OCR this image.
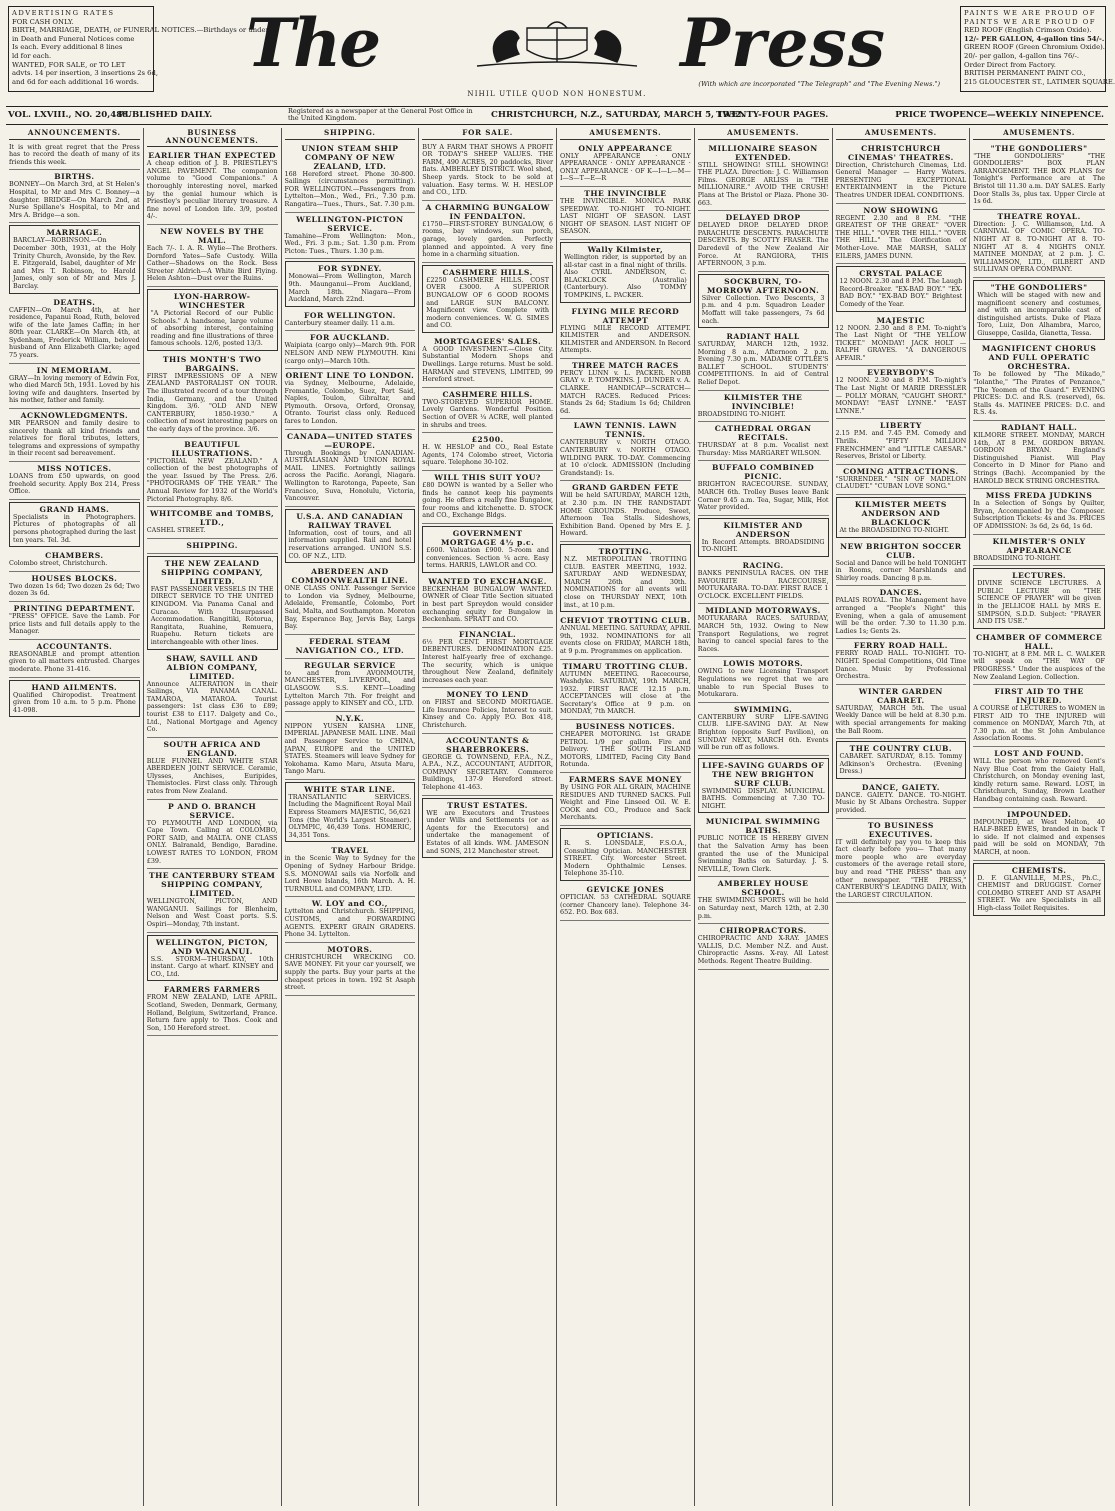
ADVERTISING RATES
FOR CASH ONLY.
BIRTH, MARRIAGE, DEATH, or FUNERAL NOTICES.—Birthdays or under
in Death and Funeral Notices come
Is each. Every additional 8 lines
ld for each.
WANTED, FOR SALE, or TO LET
advts. 14 per insertion, 3 insertions 2s 6d,
and 6d for each additional 16 words. The	Press
NIHIL UTILE QUOD NON HONESTUM.
(With which are incorporated "The Telegraph" and "The Evening News.")
PAINTS WE ARE PROUD OF
PAINTS WE ARE PROUD OF
RED ROOF (English Crimson Oxide).
12/- PER GALLON, 4-gallon tins 54/-.
GREEN ROOF (Green Chromium Oxide).
20/- per gallon, 4-gallon tins 76/-.
Order Direct from Factory.
BRITISH PERMANENT PAINT CO.,
215 GLOUCESTER ST., LATIMER SQUARE.
VOL. LXVIII., NO. 20,488.
PUBLISHED DAILY.	Registered as a newspaper at the General Post Office in the United Kingdom.	CHRISTCHURCH, N.Z., SATURDAY, MARCH 5, 1932.
TWENTY-FOUR PAGES.	PRICE TWOPENCE—WEEKLY NINEPENCE.
ANNOUNCEMENTS.

It is with great regret that the Press has to record the death of many of its friends this week.

BIRTHS.

BONNEY—On March 3rd, at St Helen's Hospital, to Mr and Mrs C. Bonney—a daughter. BRIDGE—On March 2nd, at Nurse Spillane's Hospital, to Mr and Mrs A. Bridge—a son.

MARRIAGE.

BARCLAY—ROBINSON.—On December 30th, 1931, at the Holy Trinity Church, Avonside, by the Rev. E. Fitzgerald, Isabel, daughter of Mr and Mrs T. Robinson, to Harold James, only son of Mr and Mrs J. Barclay.

DEATHS.

CAFFIN—On March 4th, at her residence, Papanui Road, Ruth, beloved wife of the late James Caffin; in her 80th year. CLARKE—On March 4th, at Sydenham, Frederick William, beloved husband of Ann Elizabeth Clarke; aged 75 years.

IN MEMORIAM.

GRAY—In loving memory of Edwin Fox, who died March 5th, 1931. Loved by his loving wife and daughters. Inserted by his mother, father and family.

ACKNOWLEDGMENTS.

MR PEARSON and family desire to sincerely thank all kind friends and relatives for floral tributes, letters, telegrams and expressions of sympathy in their recent sad bereavement.

MISS NOTICES.

LOANS from £50 upwards, on good freehold security. Apply Box 214, Press Office.

GRAND HAMS.

Specialists in Photographers. Pictures of photographs of all persons photographed during the last ten years. Tel. 3d.

CHAMBERS.

Colombo street, Christchurch.

HOUSES BLOCKS.

Two dozen 1s 6d; Two dozen 2s 6d; Two dozen 3s 6d.

PRINTING DEPARTMENT.

"PRESS" OFFICE. Save the Lamb. For price lists and full details apply to the Manager.

ACCOUNTANTS.

REASONABLE and prompt attention given to all matters entrusted. Charges moderate. Phone 31-416.

HAND AILMENTS.

Qualified Chiropodist. Treatment given from 10 a.m. to 5 p.m. Phone 41-098.

BUSINESS ANNOUNCEMENTS.
EARLIER THAN EXPECTED

A cheap edition of J. B. PRIESTLEY'S ANGEL PAVEMENT. The companion volume to "Good Companions." A thoroughly interesting novel, marked by the genial humour which is Priestley's peculiar literary treasure. A fine novel of London life. 3/9, posted 4/-.

NEW NOVELS BY THE MAIL.

Each 7/-. I. A. R. Wylie—The Brothers. Dornford Yates—Safe Custody. Willa Cather—Shadows on the Rock. Bess Streeter Aldrich—A White Bird Flying. Helen Ashton—Dust over the Ruins.

LYON-HARROW-WINCHESTER

"A Pictorial Record of our Public Schools." A handsome, large volume of absorbing interest, containing reading and fine illustrations of three famous schools. 12/6, posted 13/3.

THIS MONTH'S TWO BARGAINS.

FIRST IMPRESSIONS OF A NEW ZEALAND PASTORALIST ON TOUR. The illustrated record of a tour through India, Germany, and the United Kingdom. 3/6. "OLD AND NEW CANTERBURY, 1850-1930." A collection of most interesting papers on the early days of the province. 3/6.

BEAUTIFUL ILLUSTRATIONS.

"PICTORIAL NEW ZEALAND." A collection of the best photographs of the year. Issued by The Press. 2/6. "PHOTOGRAMS OF THE YEAR." The Annual Review for 1932 of the World's Pictorial Photography. 8/6.

WHITCOMBE and TOMBS, LTD.,

CASHEL STREET.

SHIPPING.
THE NEW ZEALAND SHIPPING COMPANY, LIMITED.

FAST PASSENGER VESSELS IN THE DIRECT SERVICE TO THE UNITED KINGDOM. Via Panama Canal and Curacao. With Unsurpassed Accommodation. Rangitiki, Rotorua, Rangitata, Ruahine, Remuera, Ruapehu. Return tickets are interchangeable with other lines.

SHAW, SAVILL AND ALBION COMPANY, LIMITED.

Announce ALTERATION in their Sailings, VIA PANAMA CANAL. TAMAROA, MATAROA. Tourist passengers: 1st class £36 to £89; tourist £38 to £117. Dalgety and Co., Ltd., National Mortgage and Agency Co.

SOUTH AFRICA AND ENGLAND.

BLUE FUNNEL AND WHITE STAR ABERDEEN JOINT SERVICE. Ceramic, Ulysses, Anchises, Euripides, Themistocles. First class only. Through rates from New Zealand.

P AND O. BRANCH SERVICE.

TO PLYMOUTH AND LONDON, via Cape Town. Calling at COLOMBO, PORT SAID, and MALTA. ONE CLASS ONLY. Balranald, Bendigo, Baradine. LOWEST RATES TO LONDON, FROM £39.

THE CANTERBURY STEAM SHIPPING COMPANY, LIMITED.

WELLINGTON, PICTON, AND WANGANUI. Sailings for Blenheim, Nelson and West Coast ports. S.S. Ospiri—Monday, 7th instant.

WELLINGTON, PICTON, AND WANGANUI.

S.S. STORM—THURSDAY, 10th instant. Cargo at wharf. KINSEY and CO., Ltd.

FARMERS FARMERS

FROM NEW ZEALAND, LATE APRIL. Scotland, Sweden, Denmark, Germany, Holland, Belgium, Switzerland, France. Return fare apply to Thos. Cook and Son, 150 Hereford street.

SHIPPING.
UNION STEAM SHIP COMPANY OF NEW ZEALAND, LTD.

168 Hereford street. Phone 30-800. Sailings (circumstances permitting). FOR WELLINGTON.—Passengers from Lyttelton—Mon., Wed., Fri., 7.30 p.m. Rangatira—Tues., Thurs., Sat. 7.30 p.m.

WELLINGTON-PICTON SERVICE.

Tamahine—From Wellington: Mon., Wed., Fri. 3 p.m.; Sat. 1.30 p.m. From Picton: Tues., Thurs. 1.30 p.m.

FOR SYDNEY.

Monowai—From Wellington, March 9th. Maunganui—From Auckland, March 18th. Niagara—From Auckland, March 22nd.

FOR WELLINGTON.

Canterbury steamer daily. 11 a.m.

FOR AUCKLAND.

Waipiata (cargo only)—March 9th. FOR NELSON AND NEW PLYMOUTH. Kini (cargo only)—March 10th.

ORIENT LINE TO LONDON.

via Sydney, Melbourne, Adelaide, Fremantle, Colombo, Suez, Port Said, Naples, Toulon, Gibraltar, and Plymouth. Orsova, Orford, Oronsay, Otranto. Tourist class only. Reduced fares to London.

CANADA—UNITED STATES—EUROPE.

Through Bookings by CANADIAN-AUSTRALASIAN AND UNION ROYAL MAIL LINES. Fortnightly sailings across the Pacific. Aorangi, Niagara. Wellington to Rarotonga, Papeete, San Francisco, Suva, Honolulu, Victoria, Vancouver.

U.S.A. AND CANADIAN RAILWAY TRAVEL

Information, cost of tours, and all information supplied. Rail and hotel reservations arranged. UNION S.S. CO. OF N.Z., LTD.

ABERDEEN AND COMMONWEALTH LINE.

ONE CLASS ONLY. Passenger Service to London via Sydney, Melbourne, Adelaide, Fremantle, Colombo, Port Said, Malta, and Southampton. Moreton Bay, Esperance Bay, Jervis Bay, Largs Bay.

FEDERAL STEAM NAVIGATION CO., LTD.
REGULAR SERVICE

to and from AVONMOUTH, MANCHESTER, LIVERPOOL, and GLASGOW. S.S. KENT—Loading Lyttelton March 7th. For freight and passage apply to KINSEY and CO., LTD.

N.Y.K.

NIPPON YUSEN KAISHA LINE, IMPERIAL JAPANESE MAIL LINE. Mail and Passenger Service to CHINA, JAPAN, EUROPE and the UNITED STATES. Steamers will leave Sydney for Yokohama. Kamo Maru, Atsuta Maru, Tango Maru.

WHITE STAR LINE.

TRANSATLANTIC SERVICES. Including the Magnificent Royal Mail Express Steamers MAJESTIC, 56,621 Tons (the World's Largest Steamer). OLYMPIC, 46,439 Tons. HOMERIC, 34,351 Tons.

TRAVEL

in the Scenic Way to Sydney for the Opening of Sydney Harbour Bridge. S.S. MONOWAI sails via Norfolk and Lord Howe Islands, 16th March. A. H. TURNBULL and COMPANY, LTD.

W. LOY and CO.,

Lyttelton and Christchurch. SHIPPING, CUSTOMS, and FORWARDING AGENTS. EXPERT GRAIN GRADERS. Phone 34. Lyttelton.

MOTORS.

CHRISTCHURCH WRECKING CO. SAVE MONEY. Fit your car yourself, we supply the parts. Buy your parts at the cheapest prices in town. 192 St Asaph street.

FOR SALE.

BUY A FARM THAT SHOWS A PROFIT OR TODAY'S SHEEP VALUES. THE FARM, 490 ACRES, 20 paddocks, River flats. AMBERLEY DISTRICT. Wool shed, Sheep yards. Stock to be sold at valuation. Easy terms. W. H. HESLOP and CO., LTD.

A CHARMING BUNGALOW IN FENDALTON.

£1750—FIRST-STOREY BUNGALOW, 6 rooms, bay windows, sun porch, garage, lovely garden. Perfectly planned and appointed. A very fine home in a charming situation.

CASHMERE HILLS.

£2250 CASHMERE HILLS. COST OVER £3000. A SUPERIOR BUNGALOW OF 6 GOOD ROOMS and LARGE SUN BALCONY. Magnificent view. Complete with modern conveniences. W. G. SIMES and CO.

MORTGAGEES' SALES.

A GOOD INVESTMENT.—Close City. Substantial Modern Shops and Dwellings. Large returns. Must be sold. HARMAN and STEVENS, LIMITED, 99 Hereford street.

CASHMERE HILLS.

TWO-STOREYED SUPERIOR HOME. Lovely Gardens. Wonderful Position. Section of OVER ¼ ACRE, well planted in shrubs and trees.

£2500.

H. W. HESLOP and CO., Real Estate Agents, 174 Colombo street, Victoria square. Telephone 30-102.

WILL THIS SUIT YOU?

£80 DOWN is wanted by a Seller who finds he cannot keep his payments going. He offers a really fine Bungalow, four rooms and kitchenette. D. STOCK and CO., Exchange Bldgs.

GOVERNMENT MORTGAGE 4½ p.c.

£600. Valuation £900. 5-room and conveniences. Section ¼ acre. Easy terms. HARRIS, LAWLOR and CO.

WANTED TO EXCHANGE.

BECKENHAM BUNGALOW WANTED. OWNER of Clear Title Section situated in best part Spreydon would consider exchanging equity for Bungalow in Beckenham. SPRATT and CO.

FINANCIAL.

6½ PER CENT. FIRST MORTGAGE DEBENTURES. DENOMINATION £25. Interest half-yearly free of exchange. The security, which is unique throughout New Zealand, definitely increases each year.

MONEY TO LEND

on FIRST and SECOND MORTGAGE. Life Insurance Policies, Interest to suit. Kinsey and Co. Apply P.O. Box 418, Christchurch.

ACCOUNTANTS & SHAREBROKERS.

GEORGE G. TOWNSEND, F.P.A., N.Z., A.P.A., N.Z., ACCOUNTANT, AUDITOR, COMPANY SECRETARY. Commerce Buildings, 137-9 Hereford street. Telephone 41-463.

TRUST ESTATES.

WE are Executors and Trustees under Wills and Settlements (or as Agents for the Executors) and undertake the management of Estates of all kinds. WM. JAMESON and SONS, 212 Manchester street.

AMUSEMENTS.
ONLY APPEARANCE

ONLY APPEARANCE · ONLY APPEARANCE · ONLY APPEARANCE · ONLY APPEARANCE · OF K—I—L—M—I—S—T—E—R

THE INVINCIBLE

THE INVINCIBLE. MONICA PARK SPEEDWAY. TO-NIGHT TO-NIGHT. LAST NIGHT OF SEASON. LAST NIGHT OF SEASON. LAST NIGHT OF SEASON.

Wally Kilmister,

Wellington rider, is supported by an all-star cast in a final night of thrills. Also CYRIL ANDERSON, C. BLACKLOCK (Australia) (Canterbury). Also TOMMY TOMPKINS, L. PACKER.

FLYING MILE RECORD ATTEMPT

FLYING MILE RECORD ATTEMPT. KILMISTER and ANDERSON. KILMISTER and ANDERSON. In Record Attempts.

THREE MATCH RACES

PERCY LUNN v. L. PACKER. NOBB GRAY v. P. TOMPKINS. J. DUNDER v. A. CLARKE. HANDICAP—SCRATCH—MATCH RACES. Reduced Prices: Stands 2s 6d; Stadium 1s 6d; Children 6d.

LAWN TENNIS. LAWN TENNIS.

CANTERBURY v. NORTH OTAGO. CANTERBURY v. NORTH OTAGO. WILDING PARK. TO-DAY. Commencing at 10 o'clock. ADMISSION (Including Grandstand): 1s.

GRAND GARDEN FETE

Will be held SATURDAY, MARCH 12th, at 2.30 p.m. IN THE RANDSTADT HOME GROUNDS. Produce, Sweet, Afternoon Tea Stalls. Sideshows, Exhibition Band. Opened by Mrs E. J. Howard.

TROTTING.

N.Z. METROPOLITAN TROTTING CLUB. EASTER MEETING, 1932. SATURDAY AND WEDNESDAY, MARCH 26th and 30th. NOMINATIONS for all events will close on THURSDAY NEXT, 10th inst., at 10 p.m.

CHEVIOT TROTTING CLUB.

ANNUAL MEETING. SATURDAY, APRIL 9th, 1932. NOMINATIONS for all events close on FRIDAY, MARCH 18th, at 9 p.m. Programmes on application.

TIMARU TROTTING CLUB.

AUTUMN MEETING. Racecourse, Washdyke. SATURDAY, 19th MARCH, 1932. FIRST RACE 12.15 p.m. ACCEPTANCES will close at the Secretary's Office at 9 p.m. on MONDAY, 7th MARCH.

BUSINESS NOTICES.

CHEAPER MOTORING. 1st GRADE PETROL 1/9 per gallon. Fire and Delivery. THE SOUTH ISLAND MOTORS, LIMITED, Facing City Band Rotunda.

FARMERS SAVE MONEY

By USING FOR ALL GRAIN, MACHINE RESIDUES AND TURNED SACKS. Full Weight and Fine Linseed Oil. W. E. COOK and CO., Produce and Sack Merchants.

OPTICIANS.

R. S. LONSDALE, F.S.O.A., Consulting Optician. MANCHESTER STREET. City. Worcester Street. Modern Ophthalmic Lenses. Telephone 35-110.

GEVICKE JONES

OPTICIAN. 53 CATHEDRAL SQUARE (corner Chancery lane). Telephone 34-652. P.O. Box 683.

AMUSEMENTS.
MILLIONAIRE SEASON EXTENDED.

STILL SHOWING! STILL SHOWING! THE PLAZA. Direction: J. C. Williamson Films. GEORGE ARLISS in "THE MILLIONAIRE." AVOID THE CRUSH! Plans at The Bristol or Plaza. Phone 30-663.

DELAYED DROP

DELAYED DROP. DELAYED DROP. PARACHUTE DESCENTS. PARACHUTE DESCENTS. By SCOTTY FRASER. The Daredevil of the New Zealand Air Force. At RANGIORA, THIS AFTERNOON, 3 p.m.

SOCKBURN, TO-MORROW AFTERNOON.

Silver Collection. Two Descents, 3 p.m. and 4 p.m. Squadron Leader Moffatt will take passengers, 7s 6d each.

RADIANT HALL

SATURDAY, MARCH 12th, 1932. Morning 8 a.m., Afternoon 2 p.m. Evening 7.30 p.m. MADAME OTTLEE'S BALLET SCHOOL. STUDENTS' COMPETITIONS. In aid of Central Relief Depot.

KILMISTER THE INVINCIBLE!

BROADSIDING TO-NIGHT.

CATHEDRAL ORGAN RECITALS.

THURSDAY at 8 p.m. Vocalist next Thursday: Miss MARGARET WILSON.

BUFFALO COMBINED PICNIC.

BRIGHTON RACECOURSE. SUNDAY, MARCH 6th. Trolley Buses leave Bank Corner 9.45 a.m. Tea, Sugar, Milk, Hot Water provided.

KILMISTER AND ANDERSON

In Record Attempts. BROADSIDING TO-NIGHT.

RACING.

BANKS PENINSULA RACES. ON THE FAVOURITE RACECOURSE, MOTUKARARA. TO-DAY. FIRST RACE 1 O'CLOCK. EXCELLENT FIELDS.

MIDLAND MOTORWAYS.

MOTUKARARA RACES. SATURDAY, MARCH 5th, 1932. Owing to New Transport Regulations, we regret having to cancel special fares to the Races.

LOWIS MOTORS.

OWING to new Licensing Transport Regulations we regret that we are unable to run Special Buses to Motukarara.

SWIMMING.

CANTERBURY SURF LIFE-SAVING CLUB. LIFE-SAVING DAY. At New Brighton (opposite Surf Pavilion), on SUNDAY NEXT, MARCH 6th. Events will be run off as follows.

LIFE-SAVING GUARDS OF THE NEW BRIGHTON SURF CLUB.

SWIMMING DISPLAY. MUNICIPAL BATHS. Commencing at 7.30 TO-NIGHT.

MUNICIPAL SWIMMING BATHS.

PUBLIC NOTICE IS HEREBY GIVEN that the Salvation Army has been granted the use of the Municipal Swimming Baths on Saturday. J. S. NEVILLE, Town Clerk.

AMBERLEY HOUSE SCHOOL.

THE SWIMMING SPORTS will be held on Saturday next, March 12th, at 2.30 p.m.

CHIROPRACTORS.

CHIROPRACTIC AND X-RAY. JAMES VALLIS, D.C. Member N.Z. and Aust. Chiropractic Assns. X-ray. All Latest Methods. Regent Theatre Building.

AMUSEMENTS.
CHRISTCHURCH CINEMAS' THEATRES.

Direction, Christchurch Cinemas, Ltd. General Manager — Harry Waters. PRESENTING EXCEPTIONAL ENTERTAINMENT in the Picture Theatres UNDER IDEAL CONDITIONS.

NOW SHOWING

REGENT. 2.30 and 8 P.M. "THE GREATEST OF THE GREAT." "OVER THE HILL." "OVER THE HILL." "OVER THE HILL." The Glorification of Mother-Love. MAE MARSH, SALLY EILERS, JAMES DUNN.

CRYSTAL PALACE

12 NOON. 2.30 and 8 P.M. The Laugh Record-Breaker. "EX-BAD BOY." "EX-BAD BOY." "EX-BAD BOY." Brightest Comedy of the Year.

MAJESTIC

12 NOON. 2.30 and 8 P.M. To-night's The Last Night Of "THE YELLOW TICKET." MONDAY! JACK HOLT — RALPH GRAVES. "A DANGEROUS AFFAIR."

EVERYBODY'S

12 NOON. 2.30 and 8 P.M. To-night's The Last Night Of MARIE DRESSLER — POLLY MORAN, "CAUGHT SHORT." MONDAY! "EAST LYNNE." "EAST LYNNE."

LIBERTY

2.15 P.M. and 7.45 P.M. Comedy and Thrills. "FIFTY MILLION FRENCHMEN" and "LITTLE CAESAR." Reserves, Bristol or Liberty.

COMING ATTRACTIONS.

"SURRENDER." "SIN OF MADELON CLAUDET." "CUBAN LOVE SONG."

KILMISTER MEETS ANDERSON AND BLACKLOCK

At the BROADSIDING TO-NIGHT.

NEW BRIGHTON SOCCER CLUB.

Social and Dance will be held TONIGHT in Rooms, corner Marshlands and Shirley roads. Dancing 8 p.m.

DANCES.

PALAIS ROYAL. The Management have arranged a "People's Night" this Evening, when a gala of amusement will be the order. 7.30 to 11.30 p.m. Ladies 1s; Gents 2s.

FERRY ROAD HALL.

FERRY ROAD HALL. TO-NIGHT. TO-NIGHT. Special Competitions, Old Time Dance. Music by Professional Orchestra.

WINTER GARDEN CABARET.

SATURDAY, MARCH 5th. The usual Weekly Dance will be held at 8.30 p.m. with special arrangements for making the Ball Room.

THE COUNTRY CLUB.

CABARET. SATURDAY, 8.15. Tommy Adkinson's Orchestra. (Evening Dress.)

DANCE, GAIETY.

DANCE. GAIETY. DANCE. TO-NIGHT. Music by St Albans Orchestra. Supper provided.

TO BUSINESS EXECUTIVES.

IT will definitely pay you to keep this fact clearly before you— That many more people who are everyday customers of the average retail store, buy and read "THE PRESS" than any other newspaper. "THE PRESS," CANTERBURY'S LEADING DAILY, With the LARGEST CIRCULATION.

AMUSEMENTS.
"THE GONDOLIERS"

"THE GONDOLIERS" "THE GONDOLIERS" BOX PLAN ARRANGEMENT. THE BOX PLANS for Tonight's Performance are at The Bristol till 11.30 a.m. DAY SALES. Early Door Stalls 3s, plus tax. Upper Circle at 1s 6d.

THEATRE ROYAL.

Direction: J. C. Williamson, Ltd. A CARNIVAL OF COMIC OPERA. TO-NIGHT AT 8. TO-NIGHT AT 8. TO-NIGHT AT 8. 4 NIGHTS ONLY. MATINEE MONDAY, at 2 p.m. J. C. WILLIAMSON, LTD., GILBERT AND SULLIVAN OPERA COMPANY.

"THE GONDOLIERS"

Which will be staged with new and magnificent scenery and costumes, and with an incomparable cast of distinguished artists. Duke of Plaza Toro, Luiz, Don Alhambra, Marco, Giuseppe, Casilda, Gianetta, Tessa.

MAGNIFICENT CHORUS AND FULL OPERATIC ORCHESTRA.

To be followed by "The Mikado," "Iolanthe," "The Pirates of Penzance," "The Yeomen of the Guard." EVENING PRICES: D.C. and R.S. (reserved), 6s. Stalls 4s. MATINEE PRICES: D.C. and R.S. 4s.

RADIANT HALL.

KILMORE STREET. MONDAY, MARCH 14th, AT 8 P.M. GORDON BRYAN. GORDON BRYAN. England's Distinguished Pianist. Will Play Concerto in D Minor for Piano and Strings (Bach). Accompanied by the HAROLD BECK STRING ORCHESTRA.

MISS FREDA JUDKINS

In a Selection of Songs by Quilter, Bryan, Accompanied by the Composer. Subscription Tickets: 4s and 3s. PRICES OF ADMISSION: 3s 6d, 2s 6d, 1s 6d.

KILMISTER'S ONLY APPEARANCE

BROADSIDING TO-NIGHT.

LECTURES.

DIVINE SCIENCE LECTURES. A PUBLIC LECTURE on "THE SCIENCE OF PRAYER" will be given in the JELLICOE HALL by MRS E. SIMPSON, S.D.D. Subject: "PRAYER AND ITS USE."

CHAMBER OF COMMERCE HALL.

TO-NIGHT, at 8 P.M. MR L. C. WALKER will speak on "THE WAY OF PROGRESS." Under the auspices of the New Zealand Legion. Collection.

FIRST AID TO THE INJURED.

A COURSE of LECTURES to WOMEN in FIRST AID TO THE INJURED will commence on MONDAY, March 7th, at 7.30 p.m. at the St John Ambulance Association Rooms.

LOST AND FOUND.

WILL the person who removed Gent's Navy Blue Coat from the Gaiety Hall, Christchurch, on Monday evening last, kindly return same. Reward. LOST, in Christchurch, Sunday, Brown Leather Handbag containing cash. Reward.

IMPOUNDED.

IMPOUNDED, at West Melton, 40 HALF-BRED EWES, branded in back T lo side. If not claimed and expenses paid will be sold on MONDAY, 7th MARCH, at noon.

CHEMISTS.

D. F. GLANVILLE, M.P.S., Ph.C., CHEMIST and DRUGGIST. Corner COLOMBO STREET AND ST ASAPH STREET. We are Specialists in all High-class Toilet Requisites.
